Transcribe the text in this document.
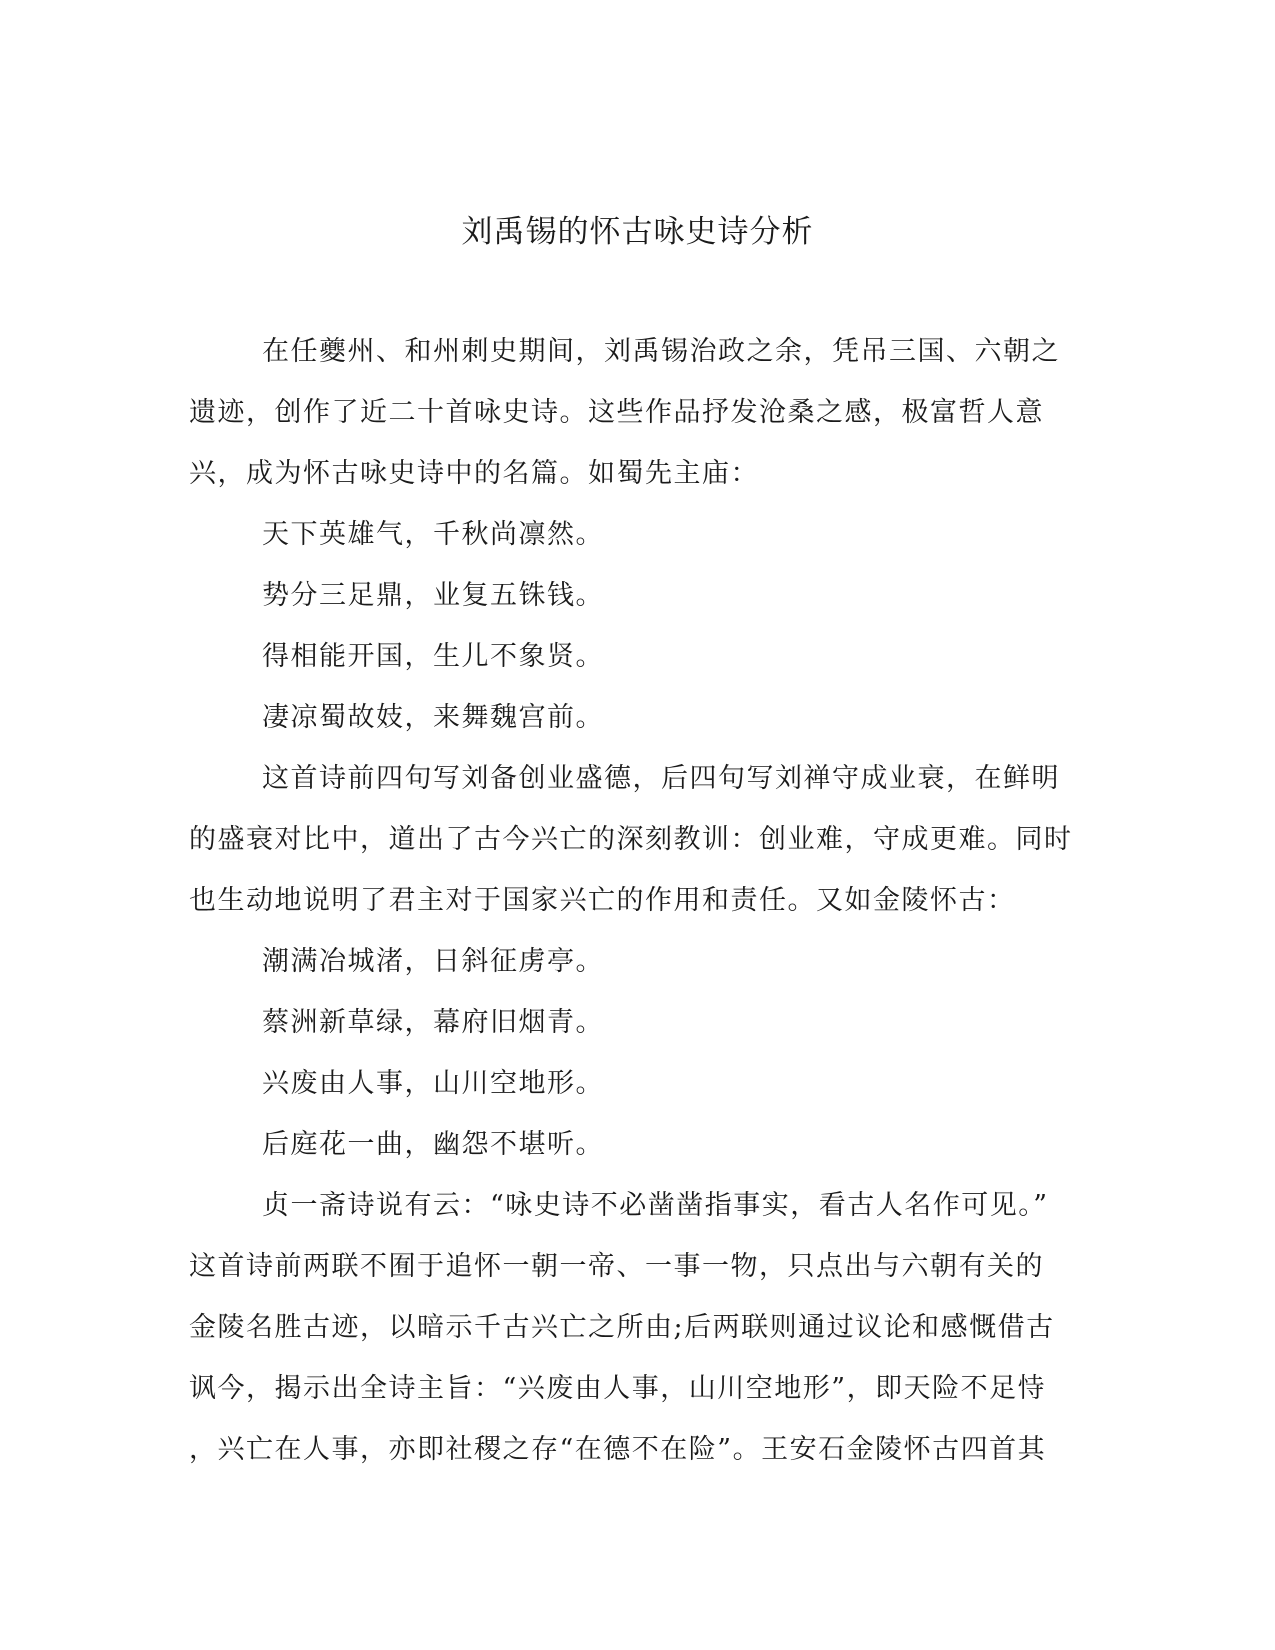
刘禹锡的怀古咏史诗分析

在任夔州、和州刺史期间，刘禹锡治政之余，凭吊三国、六朝之遗迹，创作了近二十首咏史诗。这些作品抒发沧桑之感，极富哲人意兴，成为怀古咏史诗中的名篇。如蜀先主庙：

天下英雄气，千秋尚凛然。

势分三足鼎，业复五铢钱。

得相能开国，生儿不象贤。

凄凉蜀故妓，来舞魏宫前。

这首诗前四句写刘备创业盛德，后四句写刘禅守成业衰，在鲜明的盛衰对比中，道出了古今兴亡的深刻教训：创业难，守成更难。同时也生动地说明了君主对于国家兴亡的作用和责任。又如金陵怀古：

潮满冶城渚，日斜征虏亭。

蔡洲新草绿，幕府旧烟青。

兴废由人事，山川空地形。

后庭花一曲，幽怨不堪听。

贞一斋诗说有云：“咏史诗不必凿凿指事实，看古人名作可见。”

这首诗前两联不囿于追怀一朝一帝、一事一物，只点出与六朝有关的

金陵名胜古迹，以暗示千古兴亡之所由;后两联则通过议论和感慨借古

讽今，揭示出全诗主旨：“兴废由人事，山川空地形”，即天险不足恃

，兴亡在人事，亦即社稷之存“在德不在险”。王安石金陵怀古四首其
